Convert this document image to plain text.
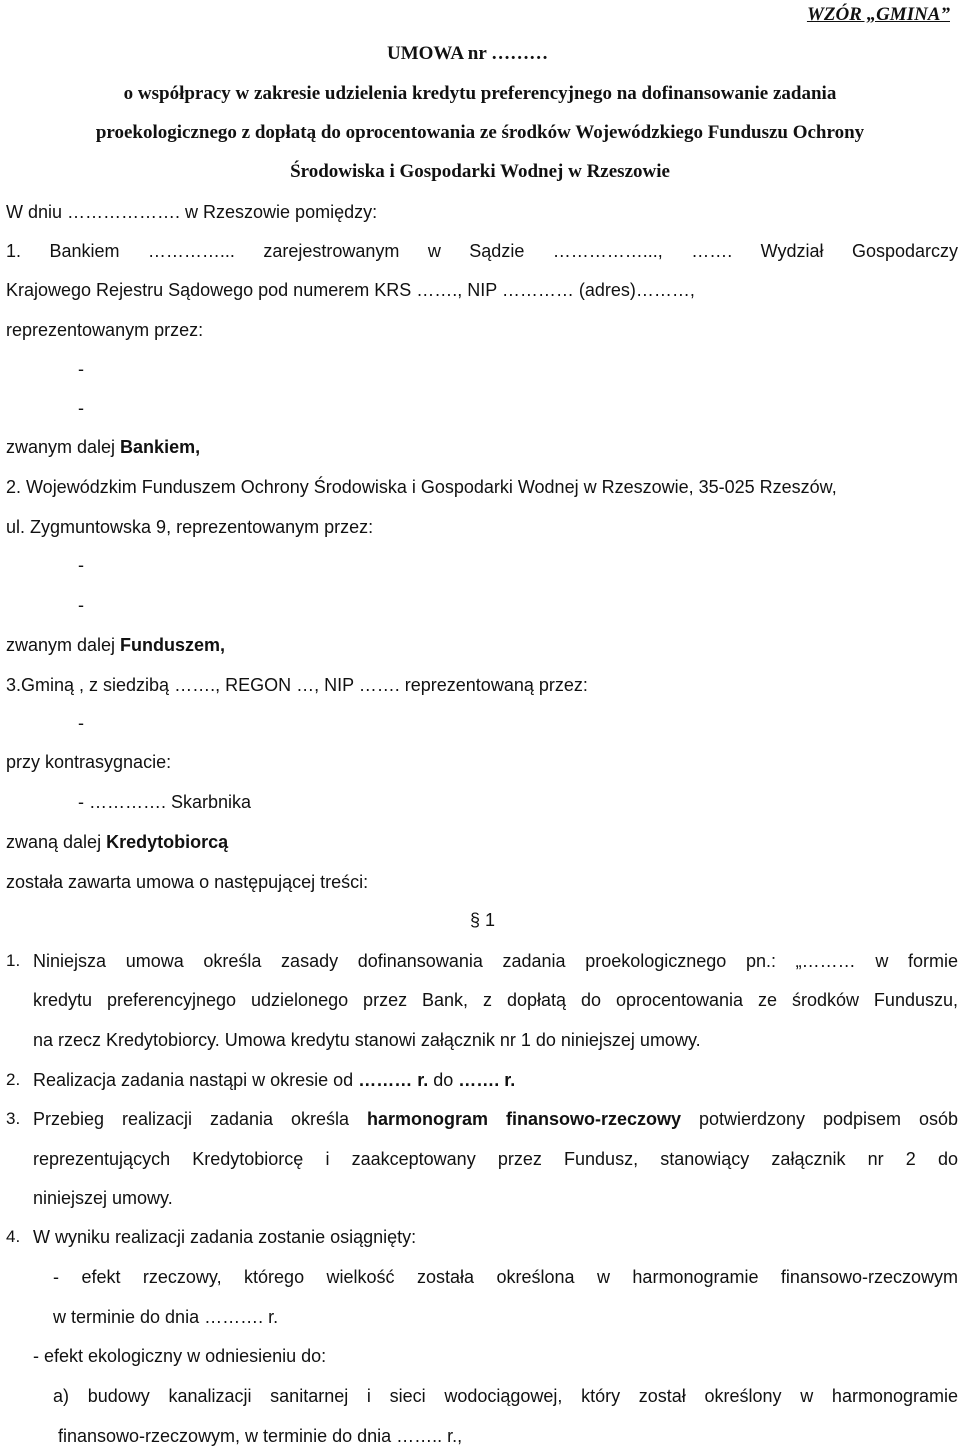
WZÓR „GMINA”
UMOWA nr ………
o współpracy w zakresie udzielenia kredytu preferencyjnego na dofinansowanie zadania
proekologicznego z dopłatą do oprocentowania ze środków Wojewódzkiego Funduszu Ochrony
Środowiska i Gospodarki Wodnej w Rzeszowie
W dniu ………………. w Rzeszowie pomiędzy:
1. Bankiem …………... zarejestrowanym w Sądzie ……………..., ……. Wydział Gospodarczy
Krajowego Rejestru Sądowego pod numerem KRS ……., NIP ………… (adres)………,
reprezentowanym przez:
-
-
zwanym dalej Bankiem,
2. Wojewódzkim Funduszem Ochrony Środowiska i Gospodarki Wodnej w Rzeszowie, 35-025 Rzeszów,
ul. Zygmuntowska 9, reprezentowanym przez:
-
-
zwanym dalej Funduszem,
3.Gminą , z siedzibą ……., REGON …, NIP ……. reprezentowaną przez:
-
przy kontrasygnacie:
- …………. Skarbnika
zwaną dalej Kredytobiorcą
została zawarta umowa o następującej treści:
§ 1
1. Niniejsza umowa określa zasady dofinansowania zadania proekologicznego pn.: „……… w formie
kredytu preferencyjnego udzielonego przez Bank, z dopłatą do oprocentowania ze środków Funduszu,
na rzecz Kredytobiorcy. Umowa kredytu stanowi załącznik nr 1 do niniejszej umowy.
2. Realizacja zadania nastąpi w okresie od ……… r. do ……. r.
3. Przebieg realizacji zadania określa harmonogram finansowo-rzeczowy potwierdzony podpisem osób
reprezentujących Kredytobiorcę i zaakceptowany przez Fundusz, stanowiący załącznik nr 2 do
niniejszej umowy.
4. W wyniku realizacji zadania zostanie osiągnięty:
- efekt rzeczowy, którego wielkość została określona w harmonogramie finansowo-rzeczowym
w terminie do dnia ………. r.
- efekt ekologiczny w odniesieniu do:
a) budowy kanalizacji sanitarnej i sieci wodociągowej, który został określony w harmonogramie
finansowo-rzeczowym, w terminie do dnia …….. r.,
